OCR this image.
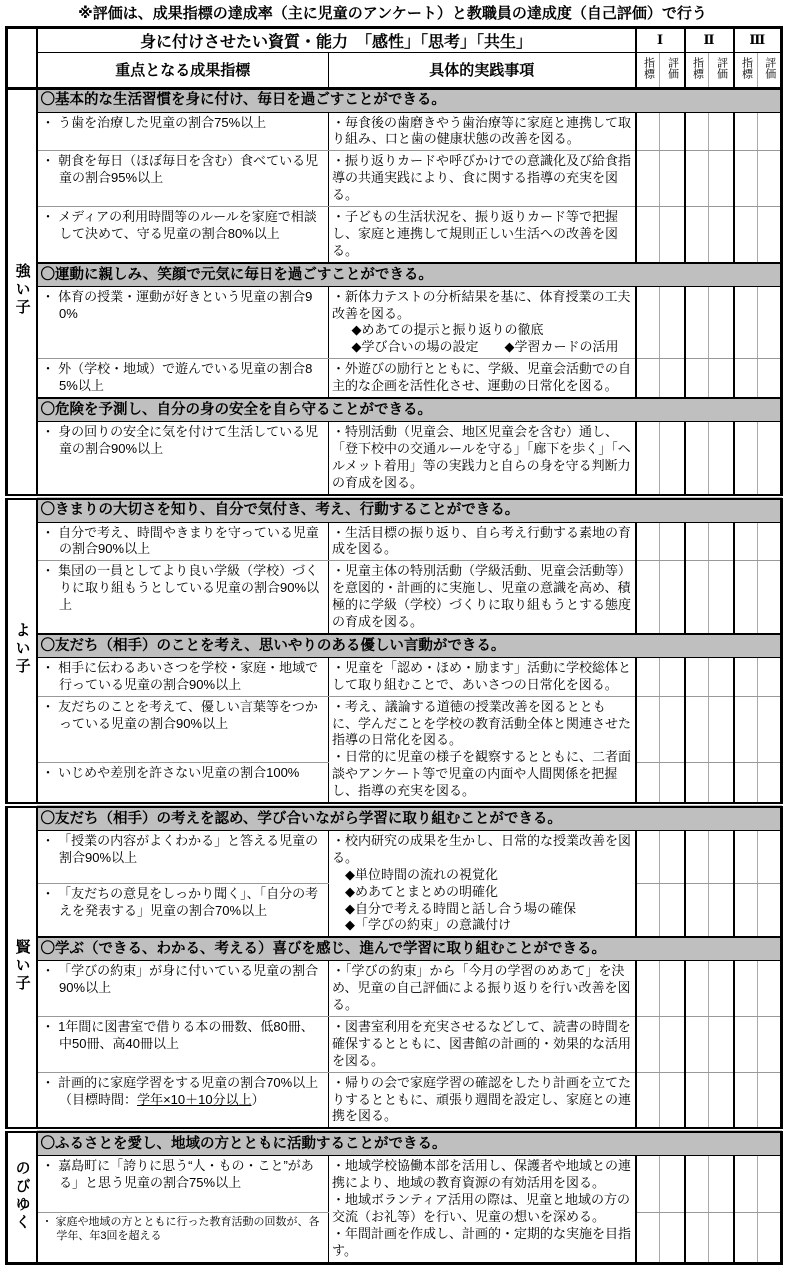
※評価は、成果指標の達成率（主に児童のアンケート）と教職員の達成度（自己評価）で行う
	身に付けさせたい資質・能力　「感性」「思考」「共生」		Ⅰ		Ⅱ		Ⅲ	
	重点となる成果指標	具体的実践事項	指標	評価	指標	評価	指標	評価
強い子	〇基本的な生活習慣を身に付け、毎日を過ごすことができる。							

	・ う歯を治療した児童の割合75%以上	・毎食後の歯磨きやう歯治療等に家庭と連携して取り組み、口と歯の健康状態の改善を図る。						

	・ 朝食を毎日（ほぼ毎日を含む）食べている児童の割合95%以上	・振り返りカードや呼びかけでの意識化及び給食指導の共通実践により、食に関する指導の充実を図る。						

	・ メディアの利用時間等のルールを家庭で相談して決めて、守る児童の割合80%以上	・子どもの生活状況を、振り返りカード等で把握し、家庭と連携して規則正しい生活への改善を図る。						

	〇運動に親しみ、笑顔で元気に毎日を過ごすことができる。							

	・ 体育の授業・運動が好きという児童の割合90%	・新体力テストの分析結果を基に、体育授業の工夫改善を図る。
◆めあての提示と振り返りの徹底
◆学び合いの場の設定　　◆学習カードの活用						

	・ 外（学校・地域）で遊んでいる児童の割合85%以上	・外遊びの励行とともに、学級、児童会活動での自主的な企画を活性化させ、運動の日常化を図る。						

	〇危険を予測し、自分の身の安全を自ら守ることができる。							

	・ 身の回りの安全に気を付けて生活している児童の割合90%以上	・特別活動（児童会、地区児童会を含む）通し、「登下校中の交通ルールを守る」「廊下を歩く」「ヘルメット着用」等の実践力と自らの身を守る判断力の育成を図る。						

よい子	〇きまりの大切さを知り、自分で気付き、考え、行動することができる。							

	・ 自分で考え、時間やきまりを守っている児童の割合90%以上	・生活目標の振り返り、自ら考え行動する素地の育成を図る。						

	・ 集団の一員としてより良い学級（学校）づくりに取り組もうとしている児童の割合90%以上	・児童主体の特別活動（学級活動、児童会活動等）を意図的・計画的に実施し、児童の意識を高め、積極的に学級（学校）づくりに取り組もうとする態度の育成を図る。						

	〇友だち（相手）のことを考え、思いやりのある優しい言動ができる。							

	・ 相手に伝わるあいさつを学校・家庭・地域で行っている児童の割合90%以上	・児童を「認め・ほめ・励ます」活動に学校総体として取り組むことで、あいさつの日常化を図る。						

	・ 友だちのことを考えて、優しい言葉等をつかっている児童の割合90%以上	・考え、議論する道徳の授業改善を図るとともに、学んだことを学校の教育活動全体と関連させた指導の日常化を図る。
・日常的に児童の様子を観察するとともに、二者面談やアンケート等で児童の内面や人間関係を把握し、指導の充実を図る。						

	・ いじめや差別を許さない児童の割合100%							

賢い子	〇友だち（相手）の考えを認め、学び合いながら学習に取り組むことができる。							

	・ 「授業の内容がよくわかる」と答える児童の割合90%以上	・校内研究の成果を生かし、日常的な授業改善を図る。
◆単位時間の流れの視覚化
◆めあてとまとめの明確化
◆自分で考える時間と話し合う場の確保
◆「学びの約束」の意識付け						

	・ 「友だちの意見をしっかり聞く」、「自分の考えを発表する」児童の割合70%以上							

	〇学ぶ（できる、わかる、考える）喜びを感じ、進んで学習に取り組むことができる。							

	・ 「学びの約束」が身に付いている児童の割合90%以上	・「学びの約束」から「今月の学習のめあて」を決め、児童の自己評価による振り返りを行い改善を図る。						

	・ 1年間に図書室で借りる本の冊数、低80冊、中50冊、高40冊以上	・図書室利用を充実させるなどして、読書の時間を確保するとともに、図書館の計画的・効果的な活用を図る。						

	・ 計画的に家庭学習をする児童の割合70%以上（目標時間：学年×10＋10分以上）	・帰りの会で家庭学習の確認をしたり計画を立てたりするとともに、頑張り週間を設定し、家庭との連携を図る。						

のびゆく	〇ふるさとを愛し、地域の方とともに活動することができる。							

	・ 嘉島町に「誇りに思う“人・もの・こと”がある」と思う児童の割合75%以上	・地域学校協働本部を活用し、保護者や地域との連携により、地域の教育資源の有効活用を図る。
・地域ボランティア活用の際は、児童と地域の方の交流（お礼等）を行い、児童の想いを深める。
・年間計画を作成し、計画的・定期的な実施を目指す。						

	・ 家庭や地域の方とともに行った教育活動の回数が、各学年、年3回を超える							
